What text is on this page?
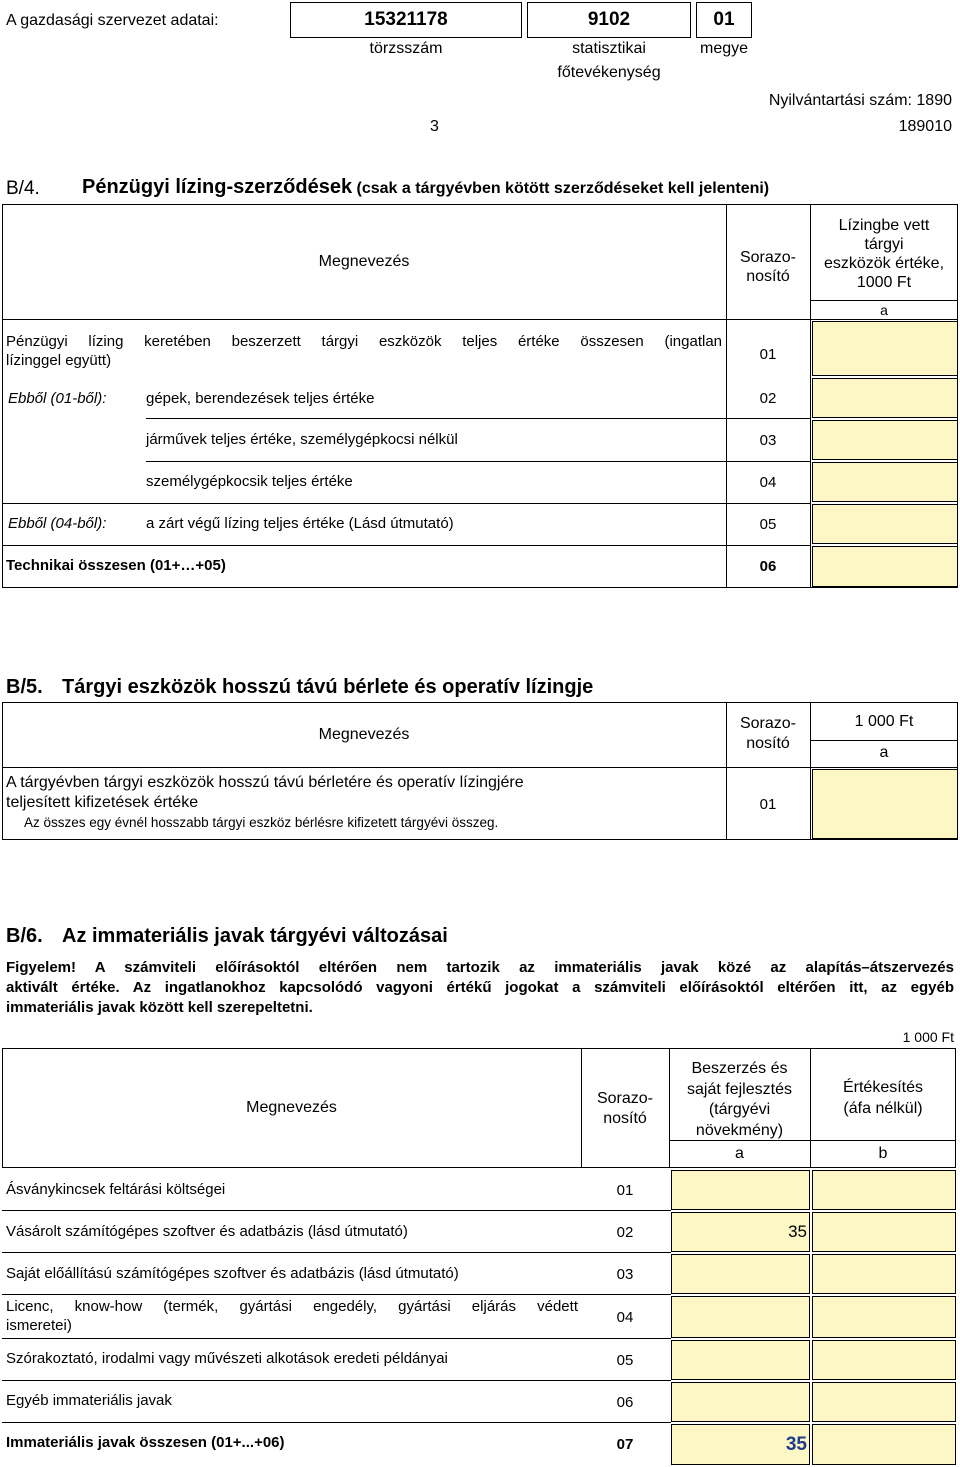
A gazdasági szervezet adatai:	15321178	9102	01
törzsszám	statisztikai
főtevékenység
megye
Nyilvántartási szám: 1890
3	189010
B/4. Pénzügyi lízing-szerződések (csak a tárgyévben kötött szerződéseket kell jelenteni)
Megnevezés	Sorazo-
nosító
Lízingbe vett
tárgyi
eszközök értéke,
1000 Ft
a
Pénzügyi lízing keretében beszerzett tárgyi eszközök teljes értéke összesen (ingatlan
lízinggel együtt)	01
Ebből (01-ből):	gépek, berendezések teljes értéke	02
járművek teljes értéke, személygépkocsi nélkül	03
személygépkocsik teljes értéke	04
Ebből (04-ből):	a zárt végű lízing teljes értéke (Lásd útmutató)	05
Technikai összesen (01+…+05)	06
B/5. Tárgyi eszközök hosszú távú bérlete és operatív lízingje
Megnevezés
Sorazo-
nosító
1 000 Ft
a
A tárgyévben tárgyi eszközök hosszú távú bérletére és operatív lízingjére
teljesített kifizetések értéke
Az összes egy évnél hosszabb tárgyi eszköz bérlésre kifizetett tárgyévi összeg.
01
B/6. Az immateriális javak tárgyévi változásai
Figyelem! A számviteli előírásoktól eltérően nem tartozik az immateriális javak közé az alapítás–átszervezés
aktivált értéke. Az ingatlanokhoz kapcsolódó vagyoni értékű jogokat a számviteli előírásoktól eltérően itt, az egyéb
immateriális javak között kell szerepeltetni.
1 000 Ft
Megnevezés
Sorazo-
nosító
Beszerzés és
saját fejlesztés
(tárgyévi
növekmény)
Értékesítés
(áfa nélkül)
a	b
Ásványkincsek feltárási költségei	01
Vásárolt számítógépes szoftver és adatbázis (lásd útmutató)	02	35
Saját előállítású számítógépes szoftver és adatbázis (lásd útmutató)	03
Licenc, know-how (termék, gyártási engedély, gyártási eljárás védett
ismeretei)	04
Szórakoztató, irodalmi vagy művészeti alkotások eredeti példányai	05
Egyéb immateriális javak	06
Immateriális javak összesen (01+...+06)	07	35
